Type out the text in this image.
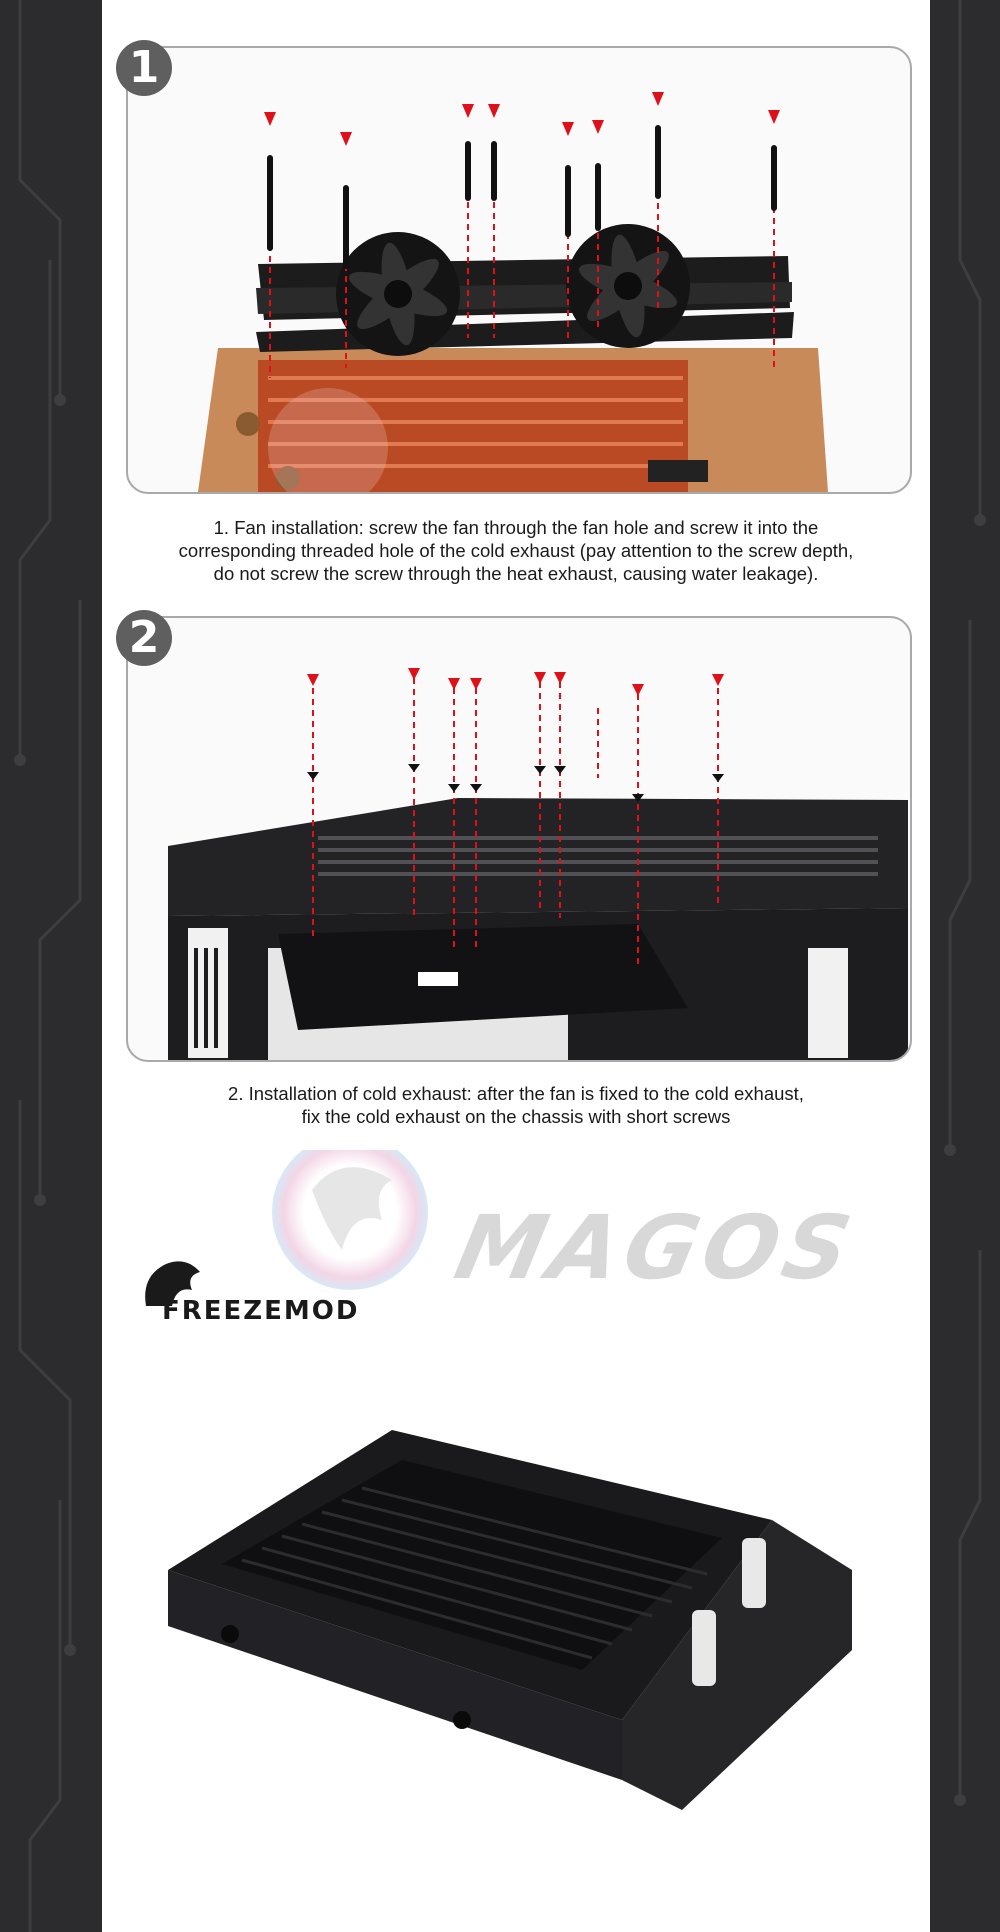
1
1. Fan installation: screw the fan through the fan hole and screw it into the
corresponding threaded hole of the cold exhaust (pay attention to the screw depth,
do not screw the screw through the heat exhaust, causing water leakage).
2
2. Installation of cold exhaust: after the fan is fixed to the cold exhaust,
fix the cold exhaust on the chassis with short screws
MAGOS
FREEZEMOD
